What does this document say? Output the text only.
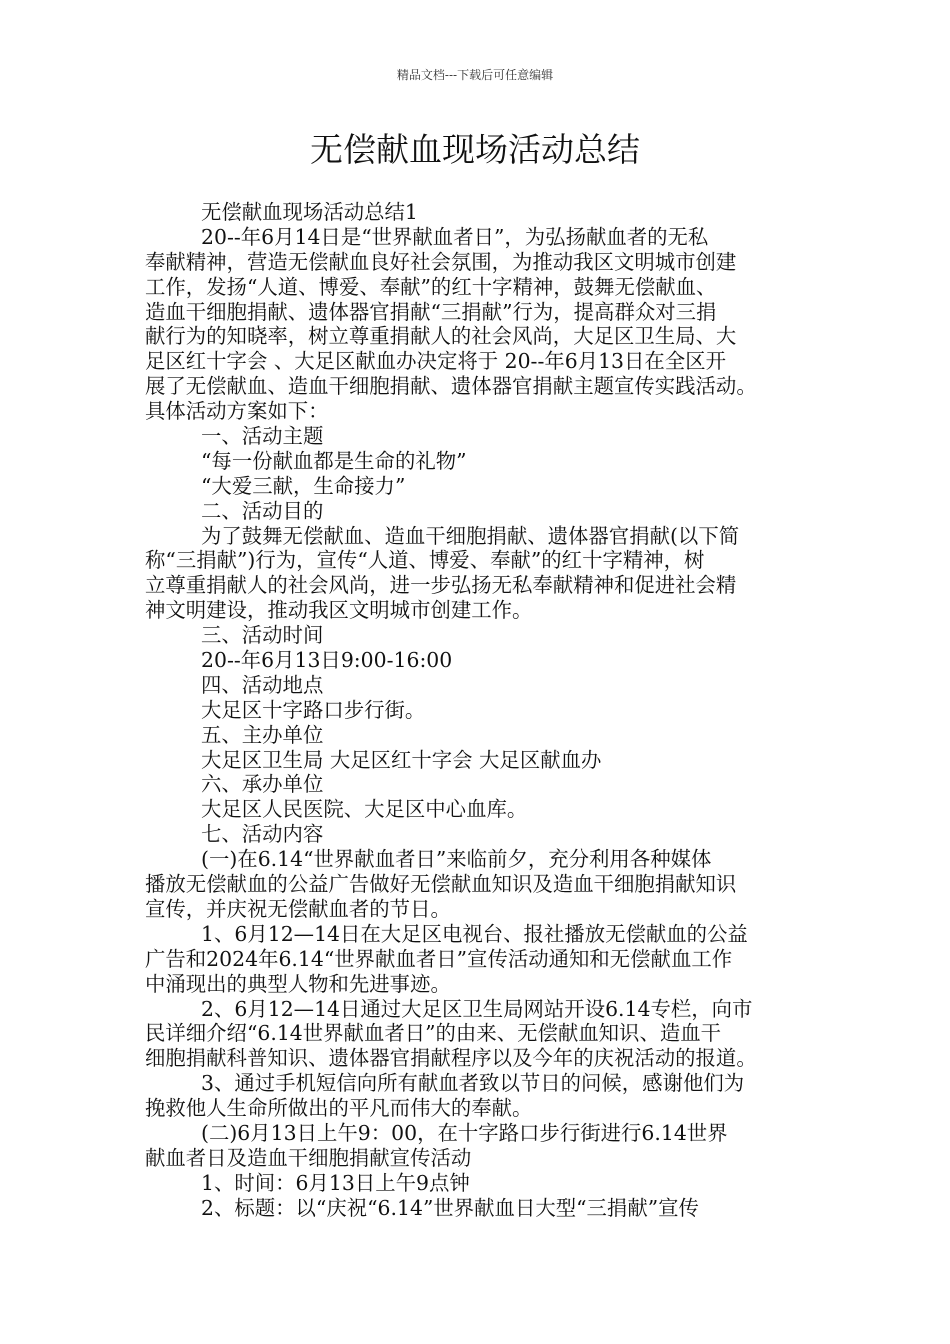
精品文档---下载后可任意编辑
无偿献血现场活动总结
无偿献血现场活动总结1
20--年6月14日是“世界献血者日”，为弘扬献血者的无私
奉献精神，营造无偿献血良好社会氛围，为推动我区文明城市创建
工作，发扬“人道、博爱、奉献”的红十字精神，鼓舞无偿献血、
造血干细胞捐献、遗体器官捐献“三捐献”行为，提高群众对三捐
献行为的知晓率，树立尊重捐献人的社会风尚，大足区卫生局、大
足区红十字会 、大足区献血办决定将于 20--年6月13日在全区开
展了无偿献血、造血干细胞捐献、遗体器官捐献主题宣传实践活动。
具体活动方案如下：
一、活动主题
“每一份献血都是生命的礼物”
“大爱三献，生命接力”
二、活动目的
为了鼓舞无偿献血、造血干细胞捐献、遗体器官捐献(以下简
称“三捐献”)行为，宣传“人道、博爱、奉献”的红十字精神，树
立尊重捐献人的社会风尚，进一步弘扬无私奉献精神和促进社会精
神文明建设，推动我区文明城市创建工作。
三、活动时间
20--年6月13日9:00-16:00
四、活动地点
大足区十字路口步行街。
五、主办单位
大足区卫生局 大足区红十字会 大足区献血办
六、承办单位
大足区人民医院、大足区中心血库。
七、活动内容
(一)在6.14“世界献血者日”来临前夕，充分利用各种媒体
播放无偿献血的公益广告做好无偿献血知识及造血干细胞捐献知识
宣传，并庆祝无偿献血者的节日。
1、6月12—14日在大足区电视台、报社播放无偿献血的公益
广告和2024年6.14“世界献血者日”宣传活动通知和无偿献血工作
中涌现出的典型人物和先进事迹。
2、6月12—14日通过大足区卫生局网站开设6.14专栏，向市
民详细介绍“6.14世界献血者日”的由来、无偿献血知识、造血干
细胞捐献科普知识、遗体器官捐献程序以及今年的庆祝活动的报道。
3、通过手机短信向所有献血者致以节日的问候，感谢他们为
挽救他人生命所做出的平凡而伟大的奉献。
(二)6月13日上午9：00，在十字路口步行街进行6.14世界
献血者日及造血干细胞捐献宣传活动
1、时间：6月13日上午9点钟
2、标题：以“庆祝“6.14”世界献血日大型“三捐献”宣传
